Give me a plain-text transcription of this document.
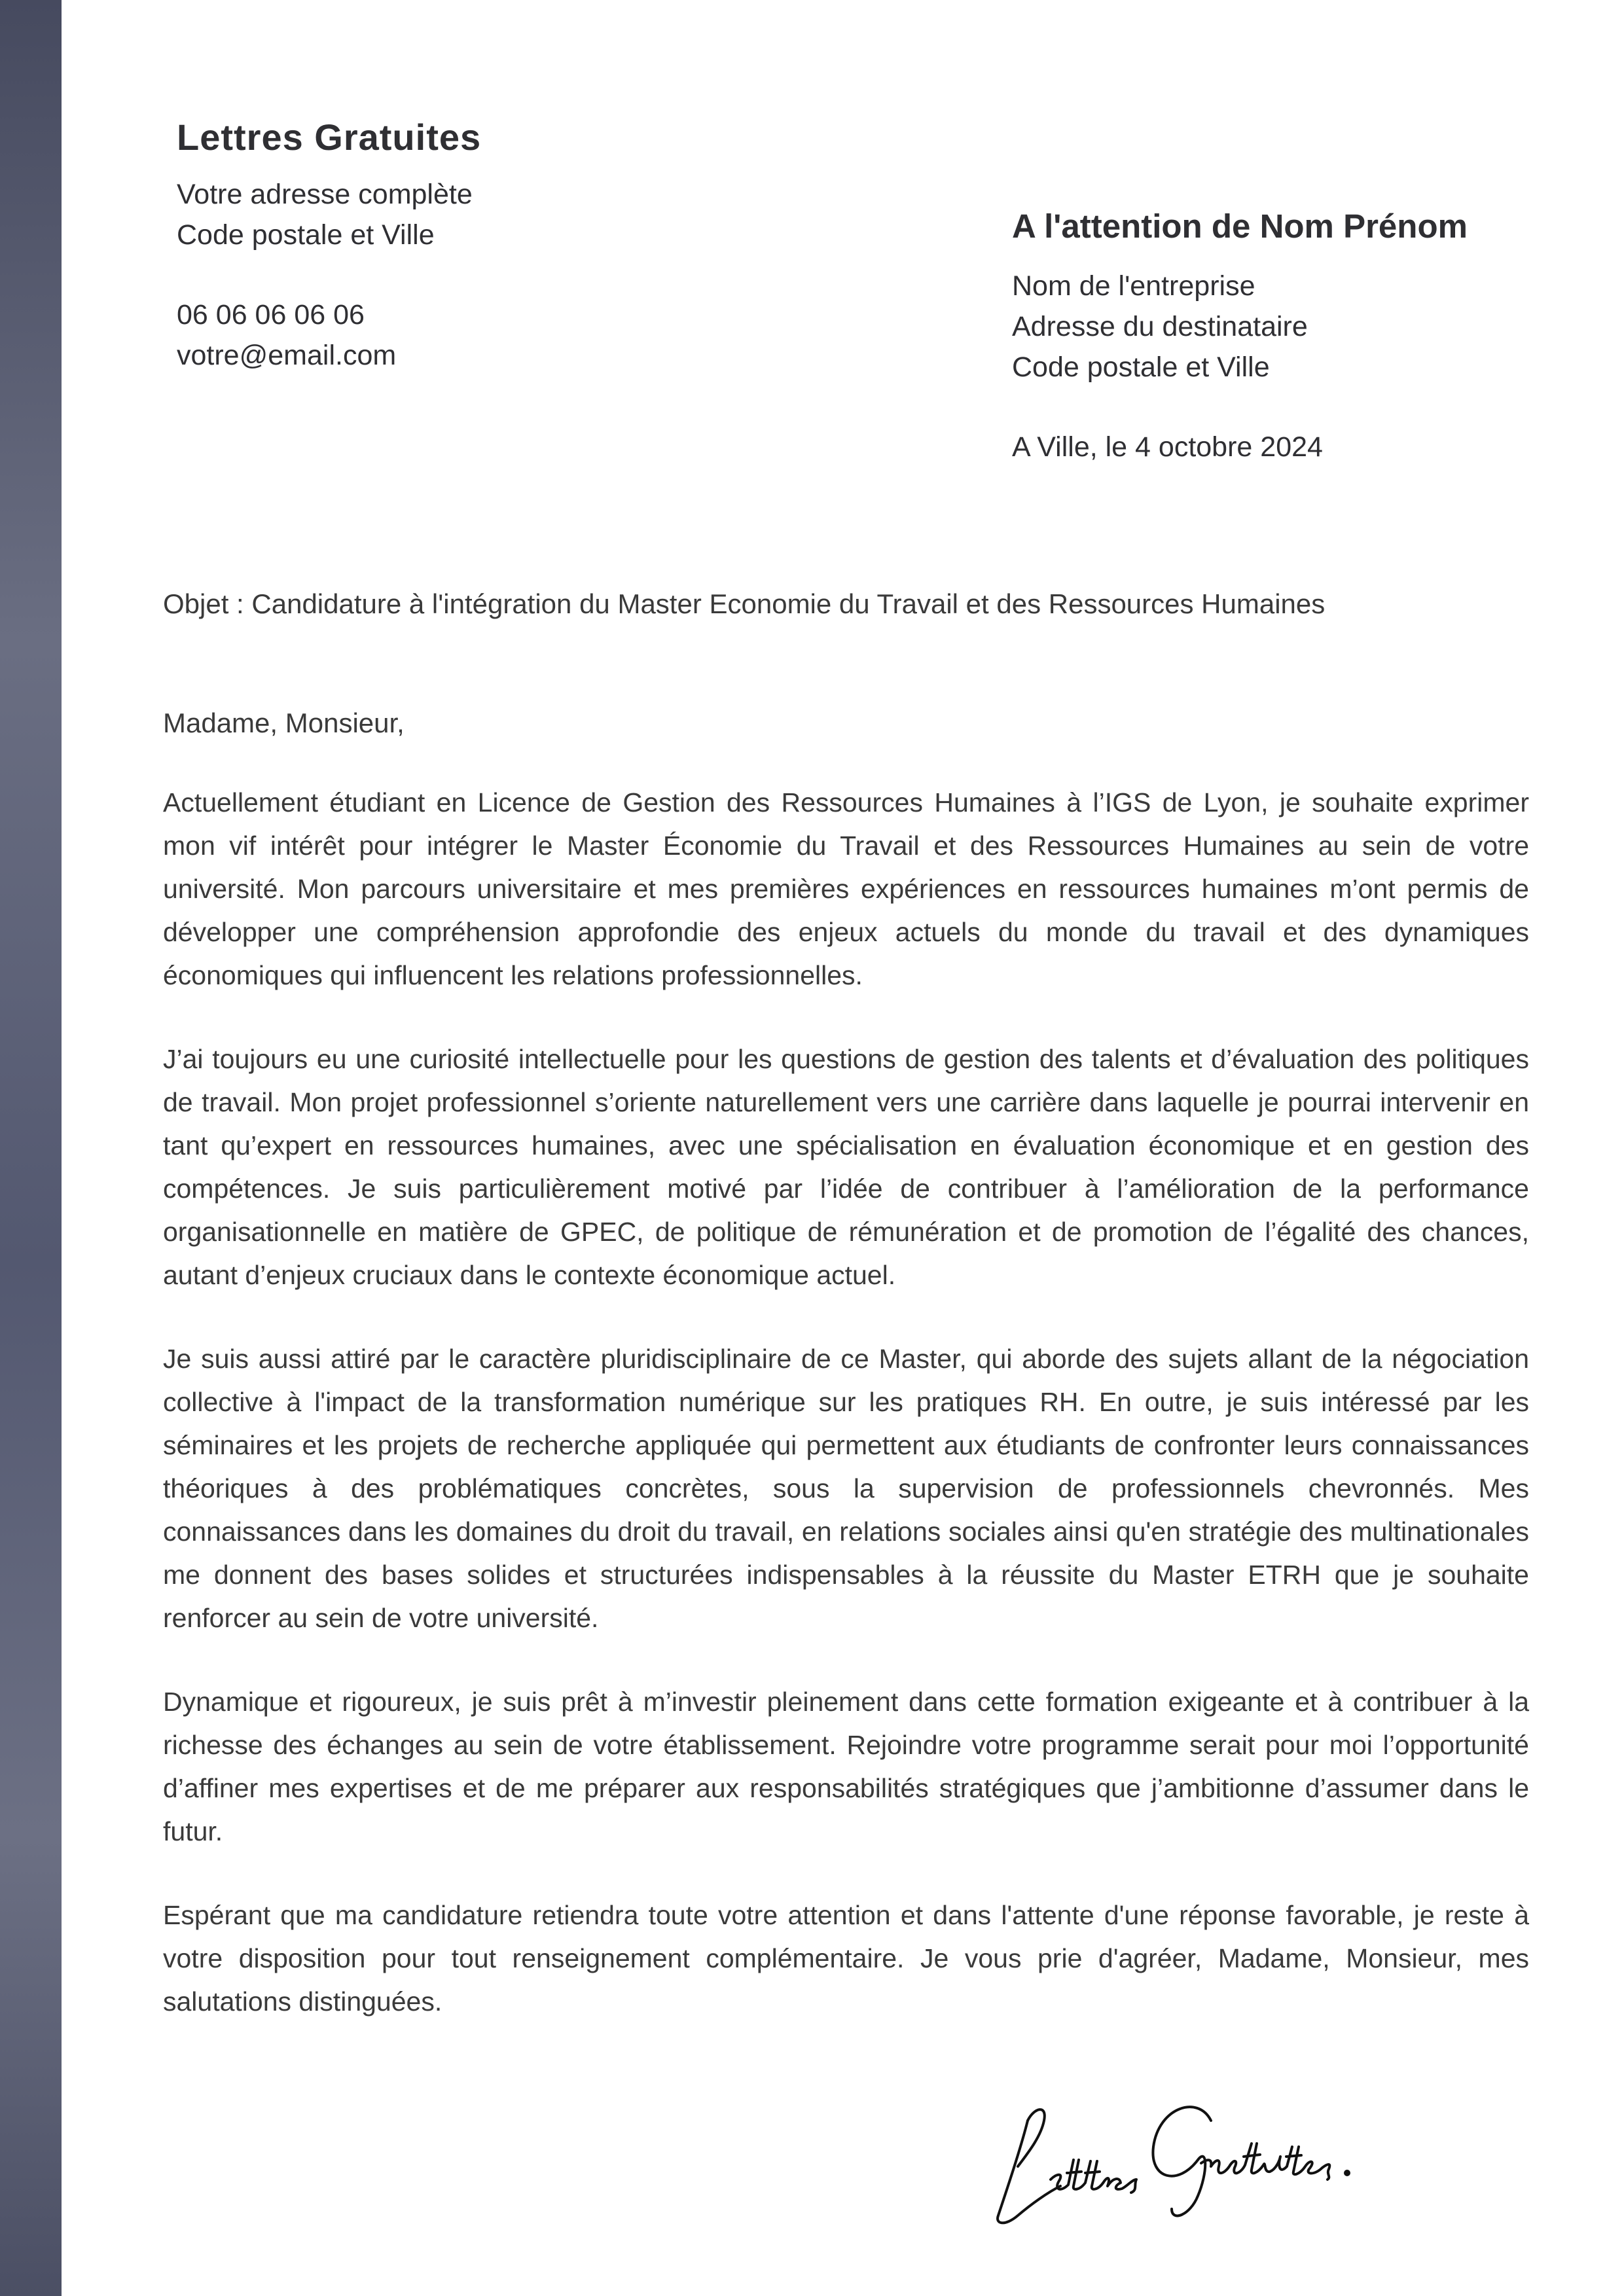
Lettres Gratuites
Votre adresse complète
Code postale et Ville
06 06 06 06 06
votre@email.com
A l'attention de Nom Prénom
Nom de l'entreprise
Adresse du destinataire
Code postale et Ville
A Ville, le 4 octobre 2024
Objet : Candidature à l'intégration du Master Economie du Travail et des Ressources Humaines
Madame, Monsieur,

Actuellement étudiant en Licence de Gestion des Ressources Humaines à l’IGS de Lyon, je souhaite exprimer mon vif intérêt pour intégrer le Master Économie du Travail et des Ressources Humaines au sein de votre université. Mon parcours universitaire et mes premières expériences en ressources humaines m’ont permis de développer une compréhension approfondie des enjeux actuels du monde du travail et des dynamiques économiques qui influencent les relations professionnelles.

J’ai toujours eu une curiosité intellectuelle pour les questions de gestion des talents et d’évaluation des politiques de travail. Mon projet professionnel s’oriente naturellement vers une carrière dans laquelle je pourrai intervenir en tant qu’expert en ressources humaines, avec une spécialisation en évaluation économique et en gestion des compétences. Je suis particulièrement motivé par l’idée de contribuer à l’amélioration de la performance organisationnelle en matière de GPEC, de politique de rémunération et de promotion de l’égalité des chances, autant d’enjeux cruciaux dans le contexte économique actuel.

Je suis aussi attiré par le caractère pluridisciplinaire de ce Master, qui aborde des sujets allant de la négociation collective à l'impact de la transformation numérique sur les pratiques RH. En outre, je suis intéressé par les séminaires et les projets de recherche appliquée qui permettent aux étudiants de confronter leurs connaissances théoriques à des problématiques concrètes, sous la supervision de professionnels chevronnés. Mes connaissances dans les domaines du droit du travail, en relations sociales ainsi qu'en stratégie des multinationales me donnent des bases solides et structurées indispensables à la réussite du Master ETRH que je souhaite renforcer au sein de votre université.

Dynamique et rigoureux, je suis prêt à m’investir pleinement dans cette formation exigeante et à contribuer à la richesse des échanges au sein de votre établissement. Rejoindre votre programme serait pour moi l’opportunité d’affiner mes expertises et de me préparer aux responsabilités stratégiques que j’ambitionne d’assumer dans le futur.

Espérant que ma candidature retiendra toute votre attention et dans l'attente d'une réponse favorable, je reste à votre disposition pour tout renseignement complémentaire. Je vous prie d'agréer, Madame, Monsieur, mes salutations distinguées.
